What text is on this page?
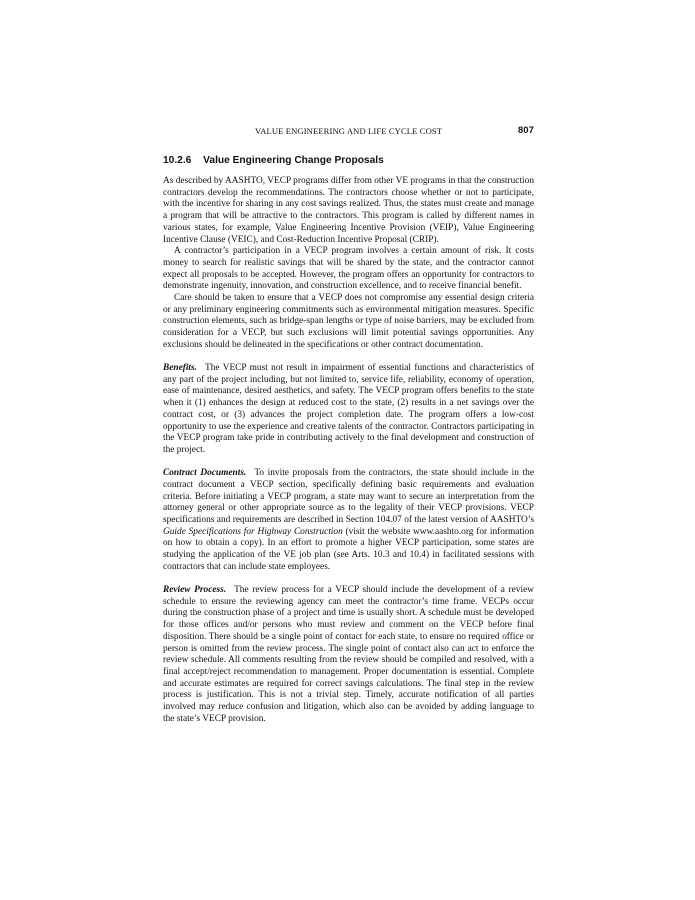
VALUE ENGINEERING AND LIFE CYCLE COST	807
10.2.6 Value Engineering Change Proposals

As described by AASHTO, VECP programs differ from other VE programs in that the construction contractors develop the recommendations. The contractors choose whether or not to participate, with the incentive for sharing in any cost savings realized. Thus, the states must create and manage a program that will be attractive to the contractors. This program is called by different names in various states, for example, Value Engineering Incentive Provision (VEIP), Value Engineering Incentive Clause (VEIC), and Cost-Reduction Incentive Proposal (CRIP).

A contractor’s participation in a VECP program involves a certain amount of risk. It costs money to search for realistic savings that will be shared by the state, and the contractor cannot expect all proposals to be accepted. However, the program offers an opportunity for contractors to demonstrate ingenuity, innovation, and construction excellence, and to receive financial benefit.

Care should be taken to ensure that a VECP does not compromise any essential design criteria or any preliminary engineering commitments such as environmental mitigation measures. Specific construction elements, such as bridge-span lengths or type of noise barriers, may be excluded from consideration for a VECP, but such exclusions will limit potential savings opportunities. Any exclusions should be delineated in the specifications or other contract documentation.

Benefits. The VECP must not result in impairment of essential functions and characteristics of any part of the project including, but not limited to, service life, reliability, economy of operation, ease of maintenance, desired aesthetics, and safety. The VECP program offers benefits to the state when it (1) enhances the design at reduced cost to the state, (2) results in a net savings over the contract cost, or (3) advances the project completion date. The program offers a low-cost opportunity to use the experience and creative talents of the contractor. Contractors participating in the VECP program take pride in contributing actively to the final development and construction of the project.

Contract Documents. To invite proposals from the contractors, the state should include in the contract document a VECP section, specifically defining basic requirements and evaluation criteria. Before initiating a VECP program, a state may want to secure an interpretation from the attorney general or other appropriate source as to the legality of their VECP provisions. VECP specifications and requirements are described in Section 104.07 of the latest version of AASHTO’s Guide Specifications for Highway Construction (visit the website www.aashto.org for information on how to obtain a copy). In an effort to promote a higher VECP participation, some states are studying the application of the VE job plan (see Arts. 10.3 and 10.4) in facilitated sessions with contractors that can include state employees.

Review Process. The review process for a VECP should include the development of a review schedule to ensure the reviewing agency can meet the contractor’s time frame. VECPs occur during the construction phase of a project and time is usually short. A schedule must be developed for those offices and/or persons who must review and comment on the VECP before final disposition. There should be a single point of contact for each state, to ensure no required office or person is omitted from the review process. The single point of contact also can act to enforce the review schedule. All comments resulting from the review should be compiled and resolved, with a final accept/reject recommendation to management. Proper documentation is essential. Complete and accurate estimates are required for correct savings calculations. The final step in the review process is justification. This is not a trivial step. Timely, accurate notification of all parties involved may reduce confusion and litigation, which also can be avoided by adding language to the state’s VECP provision.
